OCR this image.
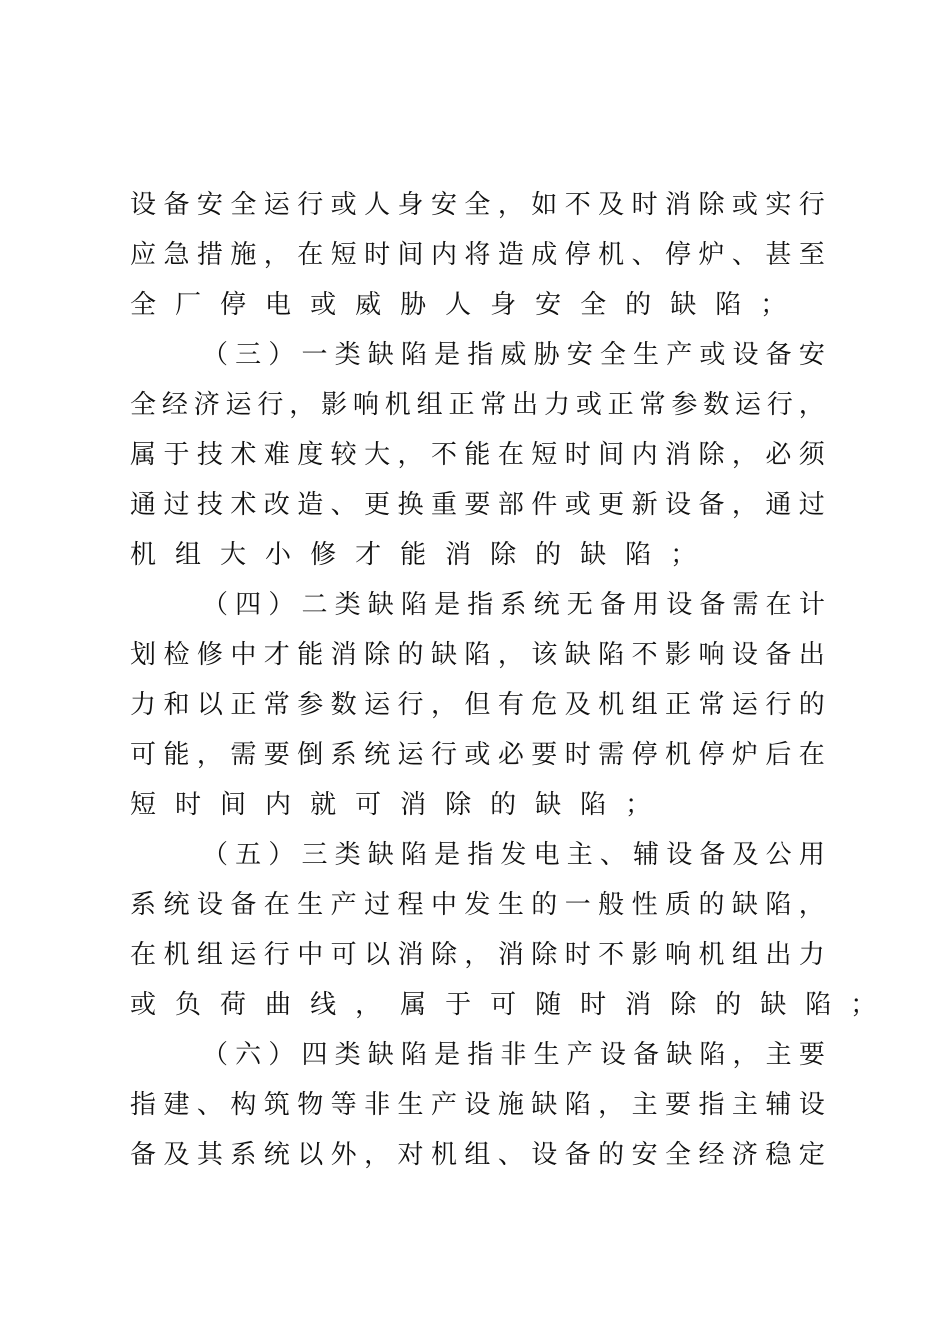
设 备 安 全 运 行 或 人 身 安 全 ， 如 不 及 时 消 除 或 实 行
应 急 措 施 ， 在 短 时 间 内 将 造 成 停 机 、 停 炉 、 甚 至
全 厂 停 电 或 威 胁 人 身 安 全 的 缺 陷 ；
（ 三 ） 一 类 缺 陷 是 指 威 胁 安 全 生 产 或 设 备 安
全 经 济 运 行 ， 影 响 机 组 正 常 出 力 或 正 常 参 数 运 行 ，
属 于 技 术 难 度 较 大 ， 不 能 在 短 时 间 内 消 除 ， 必 须
通 过 技 术 改 造 、 更 换 重 要 部 件 或 更 新 设 备 ， 通 过
机 组 大 小 修 才 能 消 除 的 缺 陷 ；
（ 四 ） 二 类 缺 陷 是 指 系 统 无 备 用 设 备 需 在 计
划 检 修 中 才 能 消 除 的 缺 陷 ， 该 缺 陷 不 影 响 设 备 出
力 和 以 正 常 参 数 运 行 ， 但 有 危 及 机 组 正 常 运 行 的
可 能 ， 需 要 倒 系 统 运 行 或 必 要 时 需 停 机 停 炉 后 在
短 时 间 内 就 可 消 除 的 缺 陷 ；
（ 五 ） 三 类 缺 陷 是 指 发 电 主 、 辅 设 备 及 公 用
系 统 设 备 在 生 产 过 程 中 发 生 的 一 般 性 质 的 缺 陷 ，
在 机 组 运 行 中 可 以 消 除 ， 消 除 时 不 影 响 机 组 出 力
或 负 荷 曲 线 ， 属 于 可 随 时 消 除 的 缺 陷 ；
（ 六 ） 四 类 缺 陷 是 指 非 生 产 设 备 缺 陷 ， 主 要
指 建 、 构 筑 物 等 非 生 产 设 施 缺 陷 ， 主 要 指 主 辅 设
备 及 其 系 统 以 外 ， 对 机 组 、 设 备 的 安 全 经 济 稳 定
